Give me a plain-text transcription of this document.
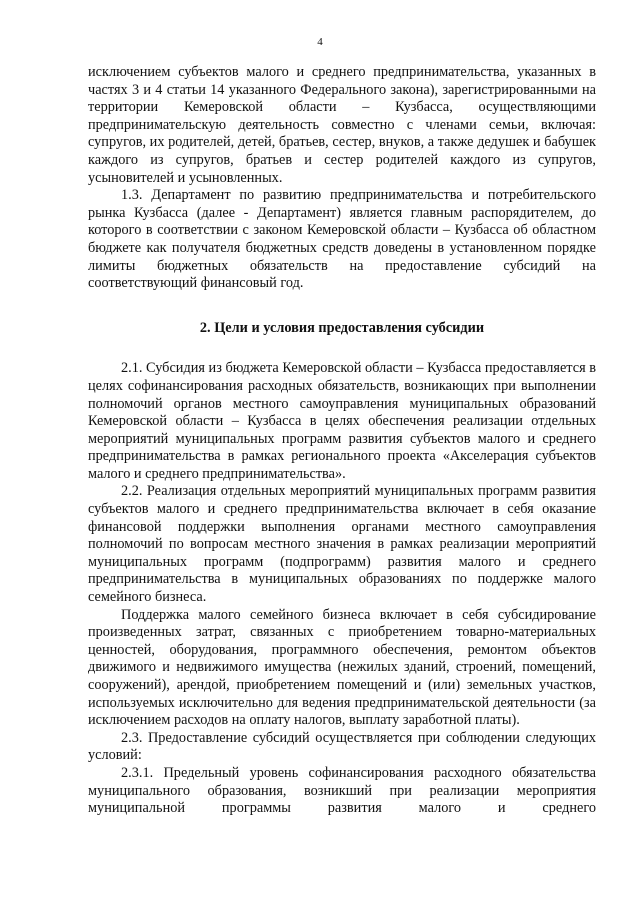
4

исключением субъектов малого и среднего предпринимательства, указанных в частях 3 и 4 статьи 14 указанного Федерального закона), зарегистрированными на территории Кемеровской области – Кузбасса, осуществляющими предпринимательскую деятельность совместно с членами семьи, включая: супругов, их родителей, детей, братьев, сестер, внуков, а также дедушек и бабушек каждого из супругов, братьев и сестер родителей каждого из супругов, усыновителей и усыновленных.

1.3. Департамент по развитию предпринимательства и потребительского рынка Кузбасса (далее - Департамент) является главным распорядителем, до которого в соответствии с законом Кемеровской области – Кузбасса об областном бюджете как получателя бюджетных средств доведены в установленном порядке лимиты бюджетных обязательств на предоставление субсидий на соответствующий финансовый год.

2. Цели и условия предоставления субсидии

2.1. Субсидия из бюджета Кемеровской области – Кузбасса предоставляется в целях софинансирования расходных обязательств, возникающих при выполнении полномочий органов местного самоуправления муниципальных образований Кемеровской области – Кузбасса в целях обеспечения реализации отдельных мероприятий муниципальных программ развития субъектов малого и среднего предпринимательства в рамках регионального проекта «Акселерация субъектов малого и среднего предпринимательства».

2.2. Реализация отдельных мероприятий муниципальных программ развития субъектов малого и среднего предпринимательства включает в себя оказание финансовой поддержки выполнения органами местного самоуправления полномочий по вопросам местного значения в рамках реализации мероприятий муниципальных программ (подпрограмм) развития малого и среднего предпринимательства в муниципальных образованиях по поддержке малого семейного бизнеса.

Поддержка малого семейного бизнеса включает в себя субсидирование произведенных затрат, связанных с приобретением товарно-материальных ценностей, оборудования, программного обеспечения, ремонтом объектов движимого и недвижимого имущества (нежилых зданий, строений, помещений, сооружений), арендой, приобретением помещений и (или) земельных участков, используемых исключительно для ведения предпринимательской деятельности (за исключением расходов на оплату налогов, выплату заработной платы).

2.3. Предоставление субсидий осуществляется при соблюдении следующих условий:

2.3.1. Предельный уровень софинансирования расходного обязательства муниципального образования, возникший при реализации мероприятия муниципальной программы развития малого и среднего
